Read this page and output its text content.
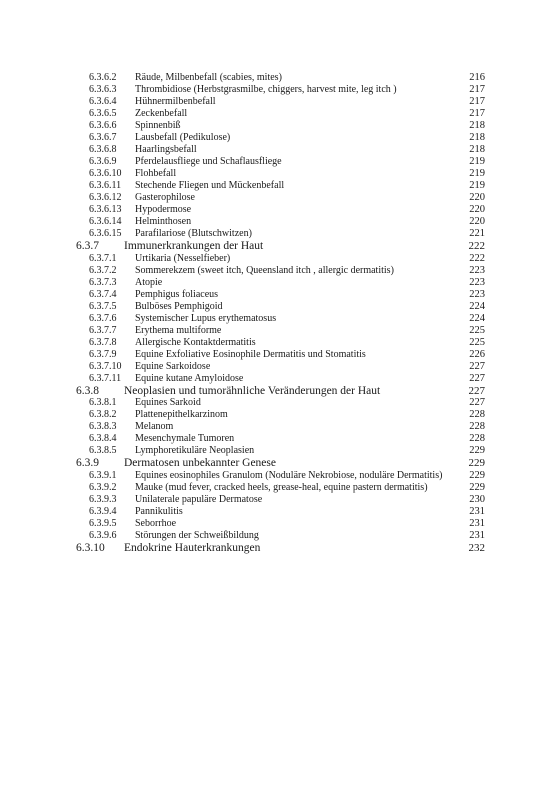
6.3.6.2 Räude, Milbenbefall (scabies, mites)	216
6.3.6.3 Thrombidiose (Herbstgrasmilbe, chiggers, harvest mite, leg itch )	217
6.3.6.4 Hühnermilbenbefall	217
6.3.6.5 Zeckenbefall	217
6.3.6.6 Spinnenbiß	218
6.3.6.7 Lausbefall (Pedikulose)	218
6.3.6.8 Haarlingsbefall	218
6.3.6.9 Pferdelausfliege und Schaflausfliege	219
6.3.6.10 Flohbefall	219
6.3.6.11 Stechende Fliegen und Mückenbefall	219
6.3.6.12 Gasterophilose	220
6.3.6.13 Hypodermose	220
6.3.6.14 Helminthosen	220
6.3.6.15 Parafilariose (Blutschwitzen)	221
6.3.7 Immunerkrankungen der Haut	222
6.3.7.1 Urtikaria (Nesselfieber)	222
6.3.7.2 Sommerekzem (sweet itch, Queensland itch , allergic dermatitis)	223
6.3.7.3 Atopie	223
6.3.7.4 Pemphigus foliaceus	223
6.3.7.5 Bulböses Pemphigoid	224
6.3.7.6 Systemischer Lupus erythematosus	224
6.3.7.7 Erythema multiforme	225
6.3.7.8 Allergische Kontaktdermatitis	225
6.3.7.9 Equine Exfoliative Eosinophile Dermatitis und Stomatitis	226
6.3.7.10 Equine Sarkoidose	227
6.3.7.11 Equine kutane Amyloidose	227
6.3.8 Neoplasien und tumorähnliche Veränderungen der Haut	227
6.3.8.1 Equines Sarkoid	227
6.3.8.2 Plattenepithelkarzinom	228
6.3.8.3 Melanom	228
6.3.8.4 Mesenchymale Tumoren	228
6.3.8.5 Lymphoretikuläre Neoplasien	229
6.3.9 Dermatosen unbekannter Genese	229
6.3.9.1 Equines eosinophiles Granulom (Noduläre Nekrobiose, noduläre Dermatitis)	229
6.3.9.2 Mauke (mud fever, cracked heels, grease-heal, equine pastern dermatitis)	229
6.3.9.3 Unilaterale papuläre Dermatose	230
6.3.9.4 Pannikulitis	231
6.3.9.5 Seborrhoe	231
6.3.9.6 Störungen der Schweißbildung	231
6.3.10 Endokrine Hauterkrankungen	232
